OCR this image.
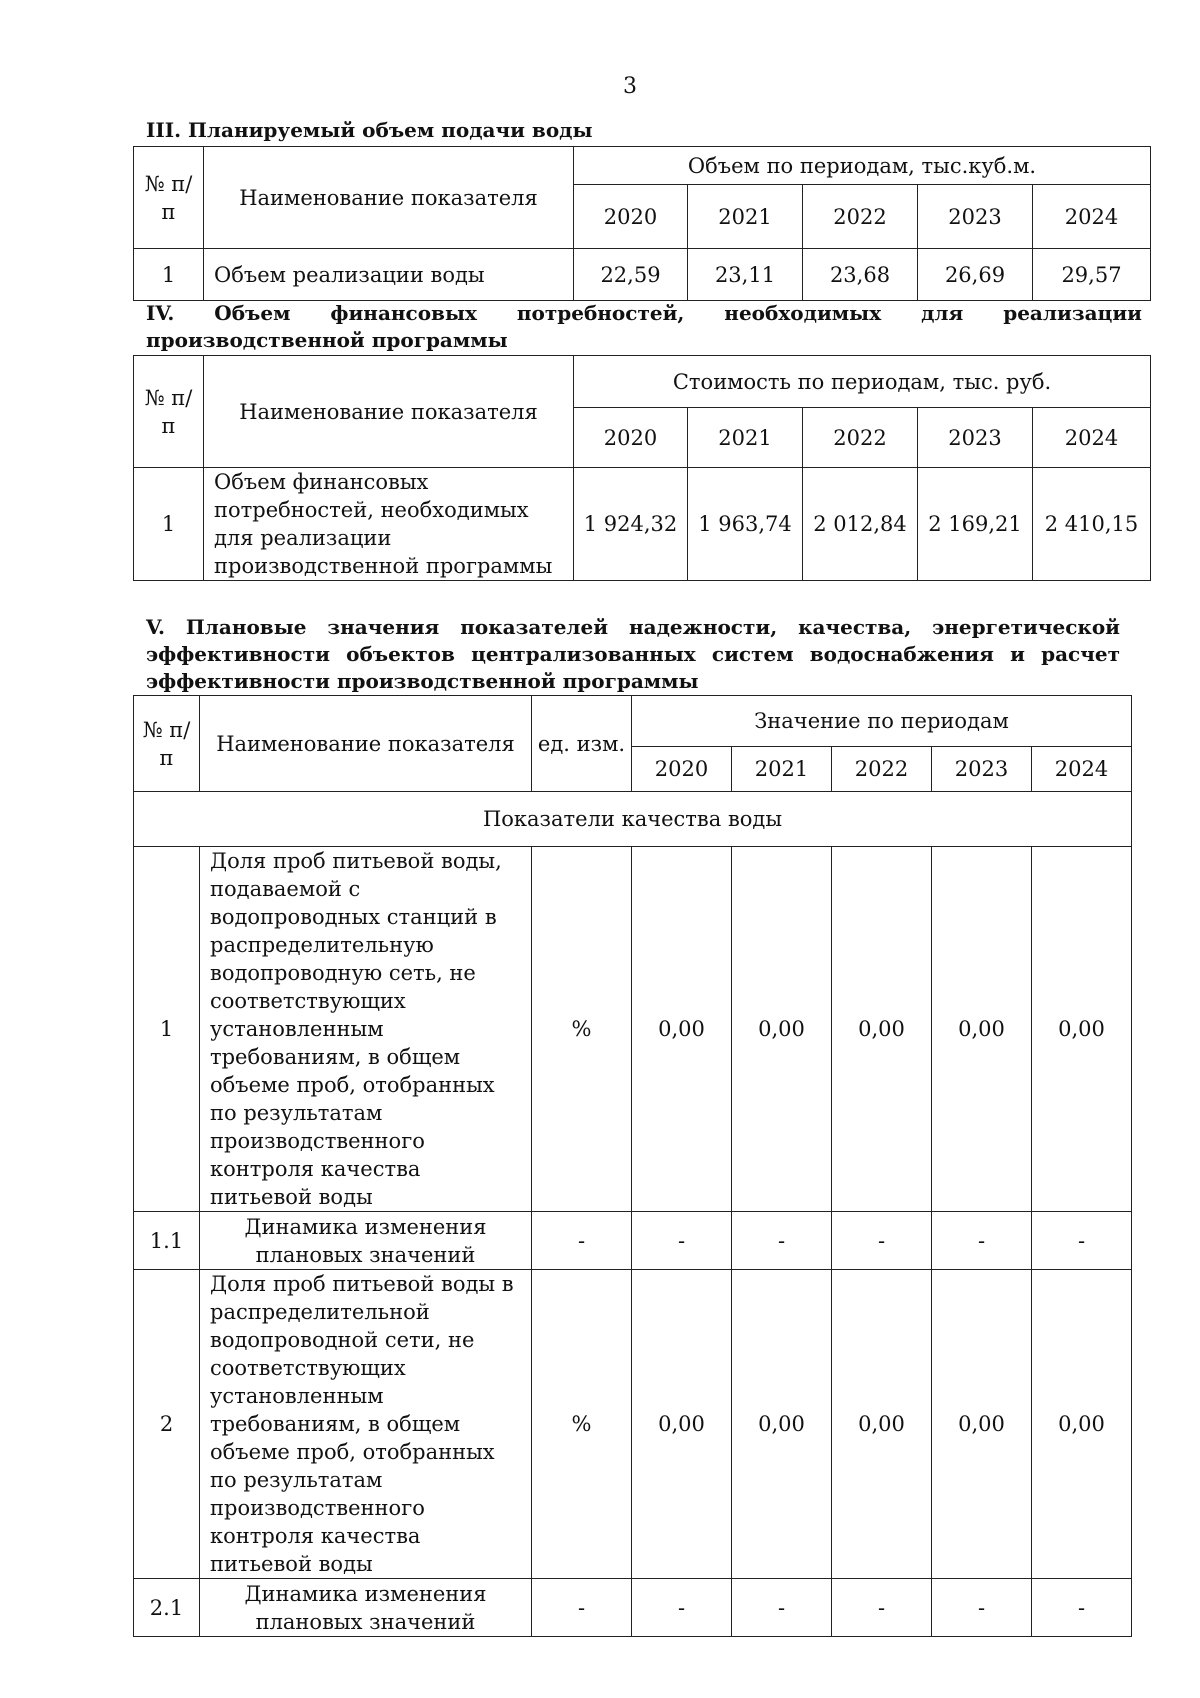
3
III. Планируемый объем подачи воды
№ п/п	Наименование показателя	Объем по периодам, тыс.куб.м.				
		2020	2021	2022	2023	2024
1	Объем реализации воды	22,59	23,11	23,68	26,69	29,57
IV. Объем финансовых потребностей, необходимых для реализации производственной программы
№ п/п	Наименование показателя	Стоимость по периодам, тыс. руб.				
		2020	2021	2022	2023	2024
1	Объем финансовых потребностей, необходимых для реализации производственной программы	1 924,32	1 963,74	2 012,84	2 169,21	2 410,15
V. Плановые значения показателей надежности, качества, энергетической
эффективности объектов централизованных систем водоснабжения и расчет
эффективности производственной программы
№ п/п	Наименование показателя	ед. изм.	Значение по периодам				
			2020	2021	2022	2023	2024
Показатели качества воды							
1	Доля проб питьевой воды, подаваемой с водопроводных станций в распределительную водопроводную сеть, не соответствующих установленным требованиям, в общем объеме проб, отобранных по результатам производственного контроля качества питьевой воды	%	0,00	0,00	0,00	0,00	0,00
1.1	Динамика изменения плановых значений	-	-	-	-	-	-
2	Доля проб питьевой воды в распределительной водопроводной сети, не соответствующих установленным требованиям, в общем объеме проб, отобранных по результатам производственного контроля качества питьевой воды	%	0,00	0,00	0,00	0,00	0,00
2.1	Динамика изменения плановых значений	-	-	-	-	-	-
